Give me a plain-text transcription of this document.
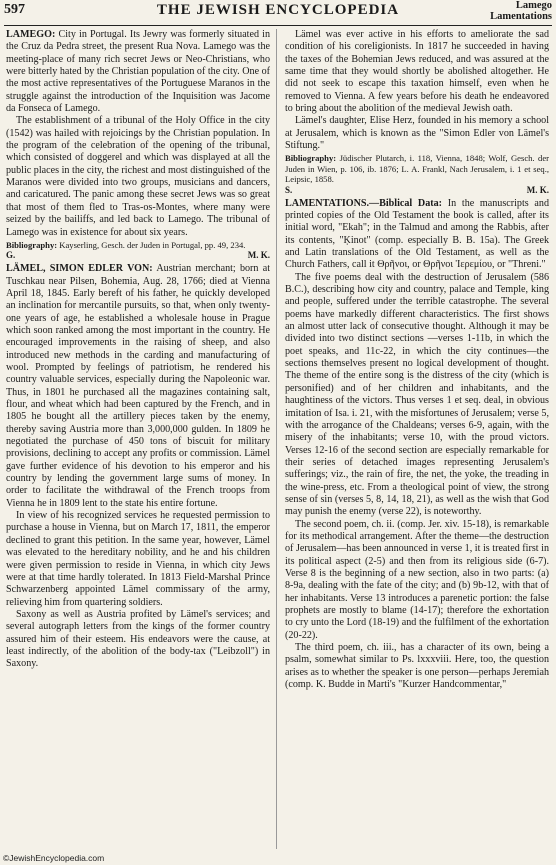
597	THE JEWISH ENCYCLOPEDIA	Lamego
Lamentations

LAMEGO: City in Portugal. Its Jewry was formerly situated in the Cruz da Pedra street, the present Rua Nova. Lamego was the meeting-place of many rich secret Jews or Neo-Christians, who were bitterly hated by the Christian population of the city. One of the most active representatives of the Portuguese Maranos in the struggle against the introduction of the Inquisition was Jacome da Fonseca of Lamego.

The establishment of a tribunal of the Holy Office in the city (1542) was hailed with rejoicings by the Christian population. In the program of the celebration of the opening of the tribunal, which consisted of doggerel and which was displayed at all the public places in the city, the richest and most distinguished of the Maranos were divided into two groups, musicians and dancers, and caricatured. The panic among these secret Jews was so great that most of them fled to Tras-os-Montes, where many were seized by the bailiffs, and led back to Lamego. The tribunal of Lamego was in existence for about six years.

Bibliography: Kayserling, Gesch. der Juden in Portugal, pp. 49, 234.

G.	M. K.

LÄMEL, SIMON EDLER VON: Austrian merchant; born at Tuschkau near Pilsen, Bohemia, Aug. 28, 1766; died at Vienna April 18, 1845. Early bereft of his father, he quickly developed an inclination for mercantile pursuits, so that, when only twenty-one years of age, he established a wholesale house in Prague which soon ranked among the most important in the country. He encouraged improvements in the raising of sheep, and also introduced new methods in the carding and manufacturing of wool. Prompted by feelings of patriotism, he rendered his country valuable services, especially during the Napoleonic war. Thus, in 1801 he purchased all the magazines containing salt, flour, and wheat which had been captured by the French, and in 1805 he bought all the artillery pieces taken by the enemy, thereby saving Austria more than 3,000,000 gulden. In 1809 he negotiated the purchase of 450 tons of biscuit for military provisions, declining to accept any profits or commission. Lämel gave further evidence of his devotion to his emperor and his country by lending the government large sums of money. In order to facilitate the withdrawal of the French troops from Vienna he in 1809 lent to the state his entire fortune.

In view of his recognized services he requested permission to purchase a house in Vienna, but on March 17, 1811, the emperor declined to grant this petition. In the same year, however, Lämel was elevated to the hereditary nobility, and he and his children were given permission to reside in Vienna, in which city Jews were at that time hardly tolerated. In 1813 Field-Marshal Prince Schwarzenberg appointed Lämel commissary of the army, relieving him from quartering soldiers.

Saxony as well as Austria profited by Lämel's services; and several autograph letters from the kings of the former country assured him of their esteem. His endeavors were the cause, at least indirectly, of the abolition of the body-tax ("Leibzoll") in Saxony.

Lämel was ever active in his efforts to ameliorate the sad condition of his coreligionists. In 1817 he succeeded in having the taxes of the Bohemian Jews reduced, and was assured at the same time that they would shortly be abolished altogether. He did not seek to escape this taxation himself, even when he removed to Vienna. A few years before his death he endeavored to bring about the abolition of the medieval Jewish oath.

Lämel's daughter, Elise Herz, founded in his memory a school at Jerusalem, which is known as the "Simon Edler von Lämel's Stiftung."

Bibliography: Jüdischer Plutarch, i. 118, Vienna, 1848; Wolf, Gesch. der Juden in Wien, p. 106, ib. 1876; L. A. Frankl, Nach Jerusalem, i. 1 et seq., Leipsic, 1858.

S.	M. K.

LAMENTATIONS.—Biblical Data: In the manuscripts and printed copies of the Old Testament the book is called, after its initial word, "Ekah"; in the Talmud and among the Rabbis, after its contents, "Ḳinot" (comp. especially B. B. 15a). The Greek and Latin translations of the Old Testament, as well as the Church Fathers, call it Θρῆνοι, or Θρῆνοι Ἰερεμίου, or "Threni."

The five poems deal with the destruction of Jerusalem (586 B.C.), describing how city and country, palace and Temple, king and people, suffered under the terrible catastrophe. The several poems have markedly different characteristics. The first shows an almost utter lack of consecutive thought. Although it may be divided into two distinct sections —verses 1-11b, in which the poet speaks, and 11c-22, in which the city continues—the sections themselves present no logical development of thought. The theme of the entire song is the distress of the city (which is personified) and of her children and inhabitants, and the haughtiness of the victors. Thus verses 1 et seq. deal, in obvious imitation of Isa. i. 21, with the misfortunes of Jerusalem; verse 5, with the arrogance of the Chaldeans; verses 6-9, again, with the misery of the inhabitants; verse 10, with the proud victors. Verses 12-16 of the second section are especially remarkable for their series of detached images representing Jerusalem's sufferings; viz., the rain of fire, the net, the yoke, the treading in the wine-press, etc. From a theological point of view, the strong sense of sin (verses 5, 8, 14, 18, 21), as well as the wish that God may punish the enemy (verse 22), is noteworthy.

The second poem, ch. ii. (comp. Jer. xiv. 15-18), is remarkable for its methodical arrangement. After the theme—the destruction of Jerusalem—has been announced in verse 1, it is treated first in its political aspect (2-5) and then from its religious side (6-7). Verse 8 is the beginning of a new section, also in two parts: (a) 8-9a, dealing with the fate of the city; and (b) 9b-12, with that of her inhabitants. Verse 13 introduces a parenetic portion: the false prophets are mostly to blame (14-17); therefore the exhortation to cry unto the Lord (18-19) and the fulfilment of the exhortation (20-22).

The third poem, ch. iii., has a character of its own, being a psalm, somewhat similar to Ps. lxxxviii. Here, too, the question arises as to whether the speaker is one person—perhaps Jeremiah (comp. K. Budde in Marti's "Kurzer Handcommentar,"

©JewishEncyclopedia.com
